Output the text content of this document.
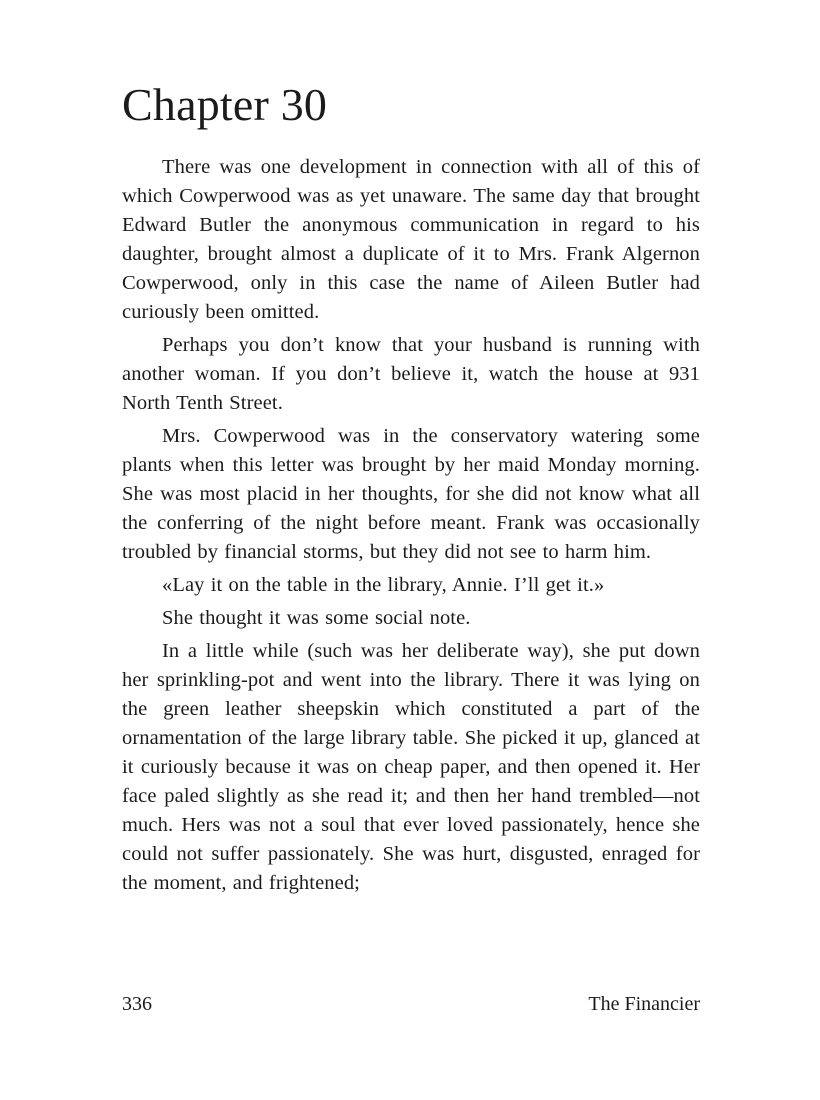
Chapter 30

There was one development in connection with all of this of which Cowperwood was as yet unaware. The same day that brought Edward Butler the anonymous communication in regard to his daughter, brought almost a duplicate of it to Mrs. Frank Algernon Cowperwood, only in this case the name of Aileen Butler had curiously been omitted.

Perhaps you don’t know that your husband is running with another woman. If you don’t believe it, watch the house at 931 North Tenth Street.

Mrs. Cowperwood was in the conservatory watering some plants when this letter was brought by her maid Monday morning. She was most placid in her thoughts, for she did not know what all the conferring of the night before meant. Frank was occasionally troubled by financial storms, but they did not see to harm him.

«Lay it on the table in the library, Annie. I’ll get it.»

She thought it was some social note.

In a little while (such was her deliberate way), she put down her sprinkling-pot and went into the library. There it was lying on the green leather sheepskin which constituted a part of the ornamentation of the large library table. She picked it up, glanced at it curiously because it was on cheap paper, and then opened it. Her face paled slightly as she read it; and then her hand trembled—not much. Hers was not a soul that ever loved passionately, hence she could not suffer passionately. She was hurt, disgusted, enraged for the moment, and frightened;

336	The Financier
